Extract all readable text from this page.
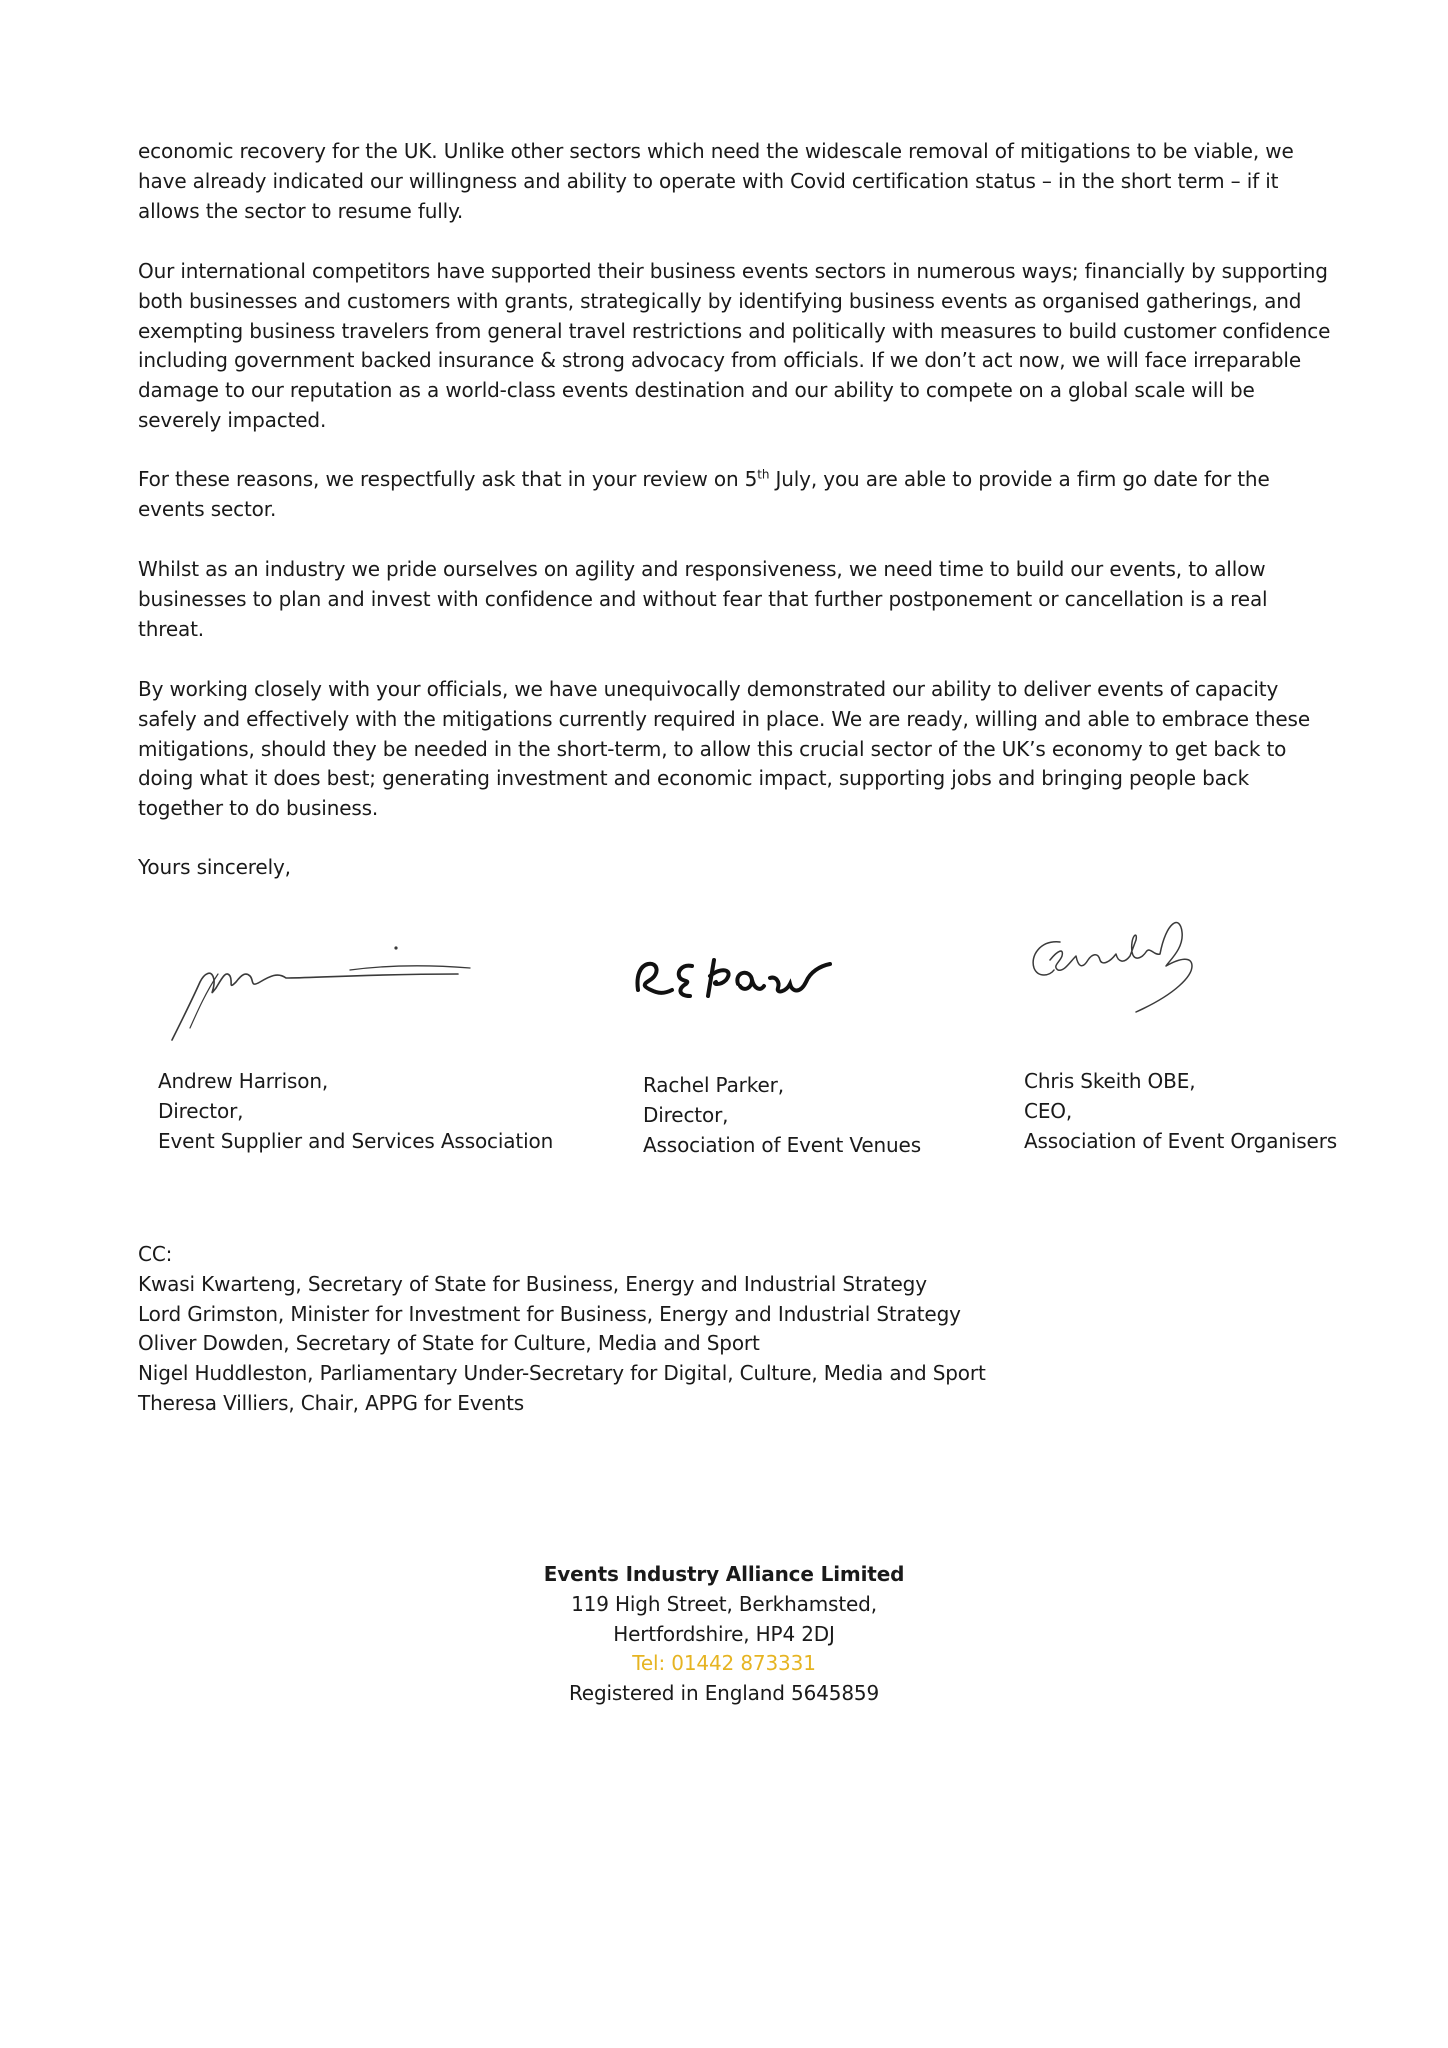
economic recovery for the UK. Unlike other sectors which need the widescale removal of mitigations to be viable, we have already indicated our willingness and ability to operate with Covid certification status – in the short term – if it allows the sector to resume fully.

Our international competitors have supported their business events sectors in numerous ways; financially by supporting both businesses and customers with grants, strategically by identifying business events as organised gatherings, and exempting business travelers from general travel restrictions and politically with measures to build customer confidence including government backed insurance & strong advocacy from officials. If we don’t act now, we will face irreparable damage to our reputation as a world-class events destination and our ability to compete on a global scale will be severely impacted.

For these reasons, we respectfully ask that in your review on 5th July, you are able to provide a firm go date for the events sector.

Whilst as an industry we pride ourselves on agility and responsiveness, we need time to build our events, to allow businesses to plan and invest with confidence and without fear that further postponement or cancellation is a real threat.

By working closely with your officials, we have unequivocally demonstrated our ability to deliver events of capacity safely and effectively with the mitigations currently required in place. We are ready, willing and able to embrace these mitigations, should they be needed in the short-term, to allow this crucial sector of the UK’s economy to get back to doing what it does best; generating investment and economic impact, supporting jobs and bringing people back together to do business.

Yours sincerely,

Andrew Harrison,
Director,
Event Supplier and Services Association
Rachel Parker,
Director,
Association of Event Venues
Chris Skeith OBE,
CEO,
Association of Event Organisers
CC:
Kwasi Kwarteng, Secretary of State for Business, Energy and Industrial Strategy
Lord Grimston, Minister for Investment for Business, Energy and Industrial Strategy
Oliver Dowden, Secretary of State for Culture, Media and Sport
Nigel Huddleston, Parliamentary Under-Secretary for Digital, Culture, Media and Sport
Theresa Villiers, Chair, APPG for Events
Events Industry Alliance Limited
119 High Street, Berkhamsted,
Hertfordshire, HP4 2DJ
Tel: 01442 873331
Registered in England 5645859
